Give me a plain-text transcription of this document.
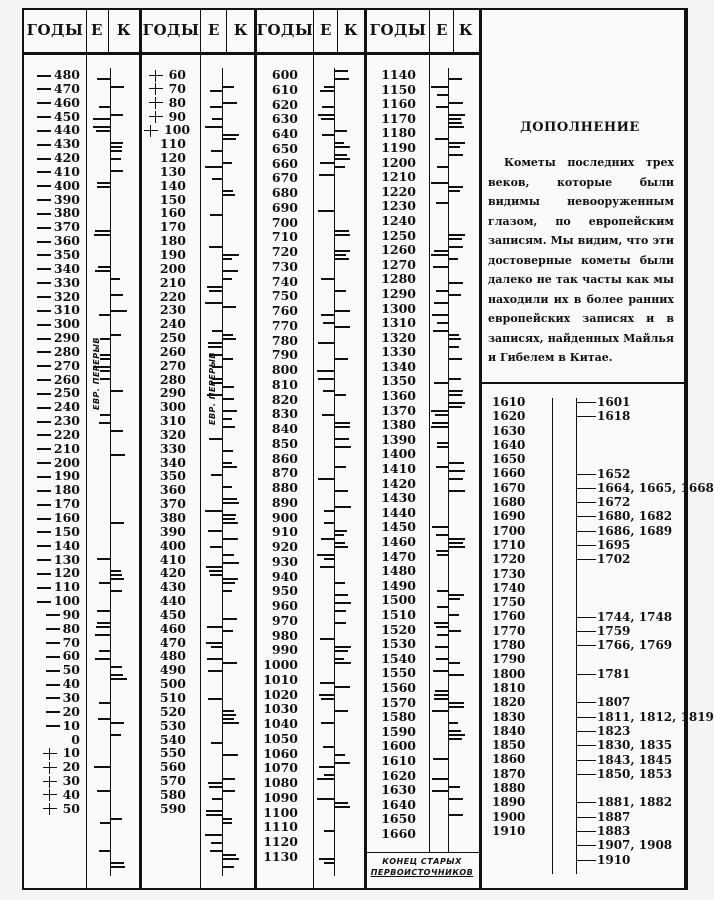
ГОДЫ Е К
480
470
460
450
440
430
420
410
400
390
380
370
360
350
340
330
320
310
300
290
280
270
260
250
240
230
220
210
200
190
180
170
160
150
140
130
120
110
100
90
80
70
60
50
40
30
20
10
0
10
20
30
40
50
ЕВР. ПЕРЕРЫВ
ГОДЫ Е К
60
70
80
90
100
110
120
130
140
150
160
170
180
190
200
210
220
230
240
250
260
270
280
290
300
310
320
330
340
350
360
370
380
390
400
410
420
430
440
450
460
470
480
490
500
510
520
530
540
550
560
570
580
590
ЕВР. ПЕРЕРЫВ
ГОДЫ Е К
600
610
620
630
640
650
660
670
680
690
700
710
720
730
740
750
760
770
780
790
800
810
820
830
840
850
860
870
880
890
900
910
920
930
940
950
960
970
980
990
1000
1010
1020
1030
1040
1050
1060
1070
1080
1090
1100
1110
1120
1130
ГОДЫ Е К
1140
1150
1160
1170
1180
1190
1200
1210
1220
1230
1240
1250
1260
1270
1280
1290
1300
1310
1320
1330
1340
1350
1360
1370
1380
1390
1400
1410
1420
1430
1440
1450
1460
1470
1480
1490
1500
1510
1520
1530
1540
1550
1560
1570
1580
1590
1600
1610
1620
1630
1640
1650
1660
КОНЕЦ СТАРЫХ
ПЕРВОИСТОЧНИКОВ
ДОПОЛНЕНИЕ
Кометы последних трех веков, которые были видимы невооруженным глазом, по европейским записям. Мы видим, что эти достоверные кометы были далеко не так часты как мы находили их в более ранних европейских записях и в записях, найденных Майлья и Гибелем в Китае.
1610
1620
1630
1640
1650
1660
1670
1680
1690
1700
1710
1720
1730
1740
1750
1760
1770
1780
1790
1800
1810
1820
1830
1840
1850
1860
1870
1880
1890
1900
1910
1601
1618
1652
1664, 1665, 1668
1672
1680, 1682
1686, 1689
1695
1702
1744, 1748
1759
1766, 1769
1781
1807
1811, 1812, 1819
1823
1830, 1835
1843, 1845
1850, 1853
1881, 1882
1887
1883
1907, 1908
1910
